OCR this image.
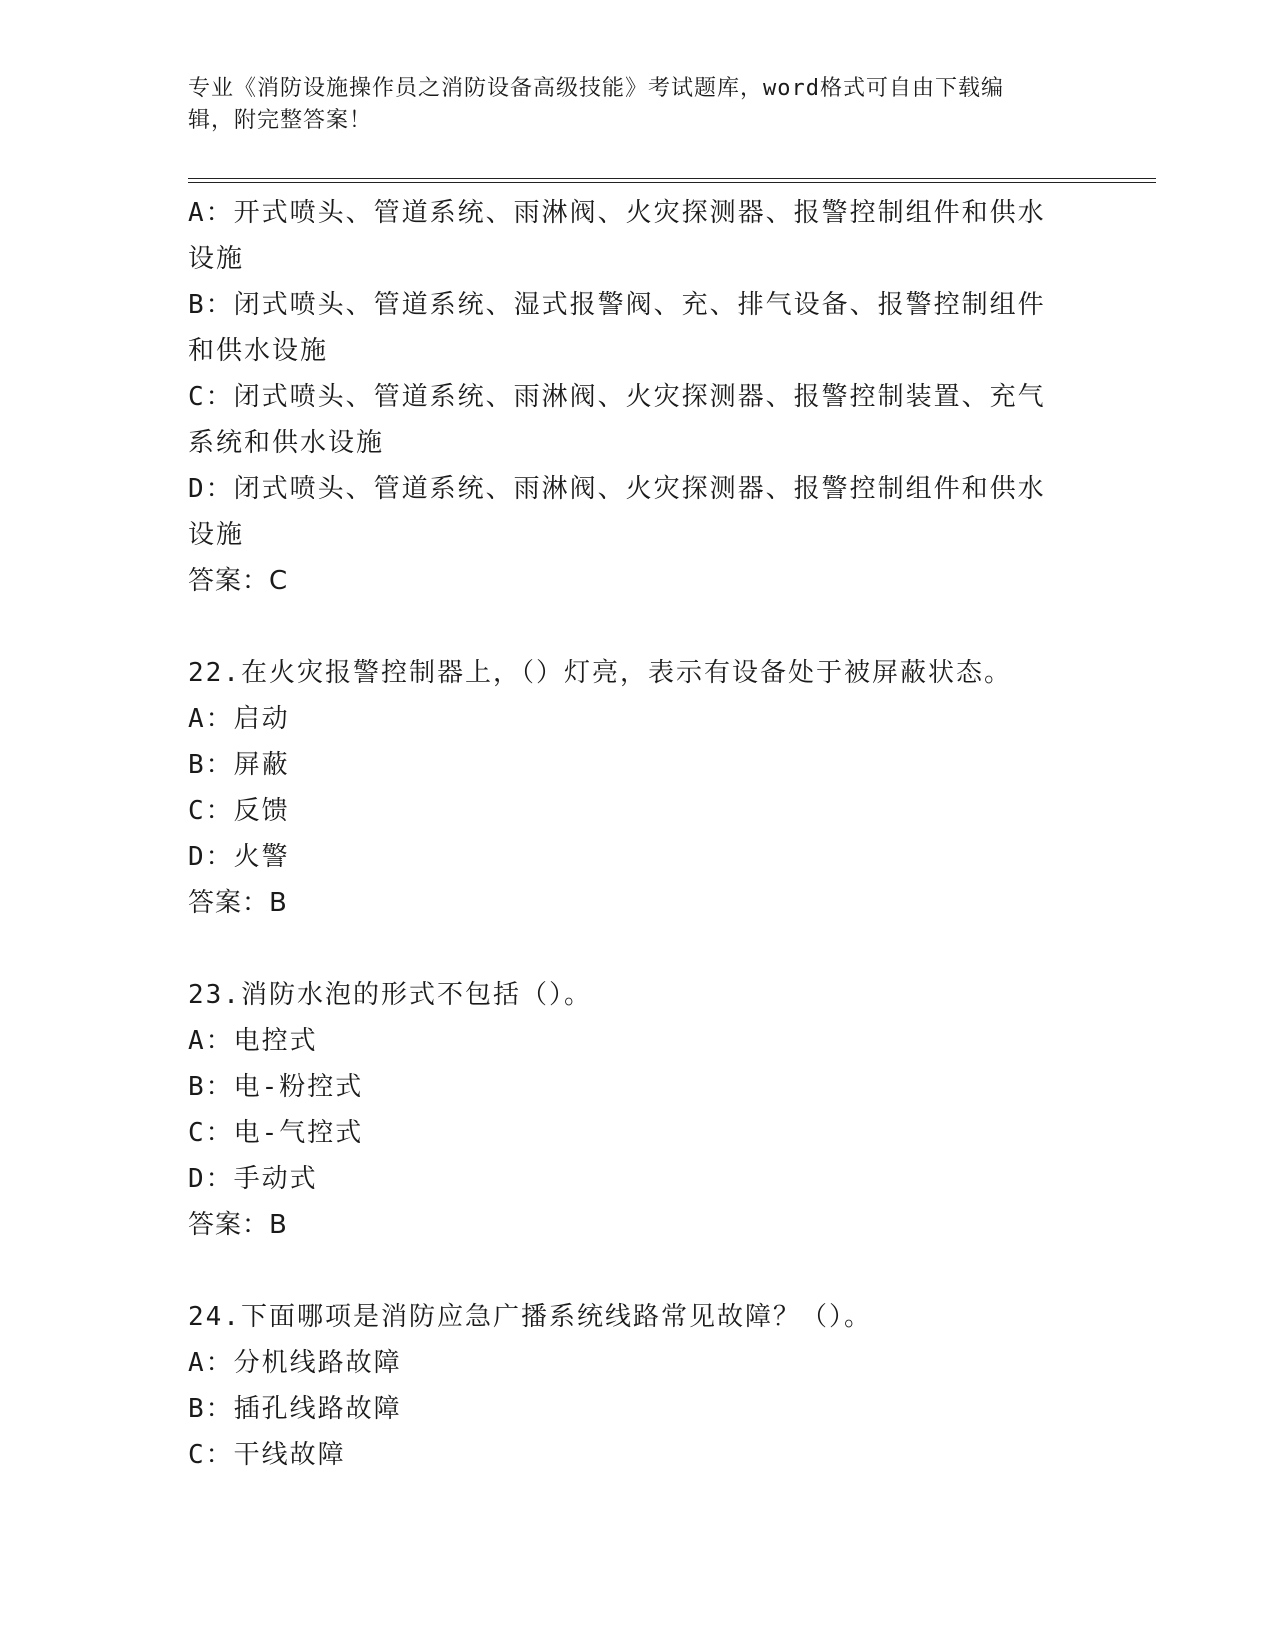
专业《消防设施操作员之消防设备高级技能》考试题库，word格式可自由下载编
辑，附完整答案！
A：开式喷头、管道系统、雨淋阀、火灾探测器、报警控制组件和供水
设施
B：闭式喷头、管道系统、湿式报警阀、充、排气设备、报警控制组件
和供水设施
C：闭式喷头、管道系统、雨淋阀、火灾探测器、报警控制装置、充气
系统和供水设施
D：闭式喷头、管道系统、雨淋阀、火灾探测器、报警控制组件和供水
设施
答案：C
22.在火灾报警控制器上，（）灯亮，表示有设备处于被屏蔽状态。
A：启动
B：屏蔽
C：反馈
D：火警
答案：B
23.消防水泡的形式不包括（）。
A：电控式
B：电-粉控式
C：电-气控式
D：手动式
答案：B
24.下面哪项是消防应急广播系统线路常见故障？（）。
A：分机线路故障
B：插孔线路故障
C：干线故障
